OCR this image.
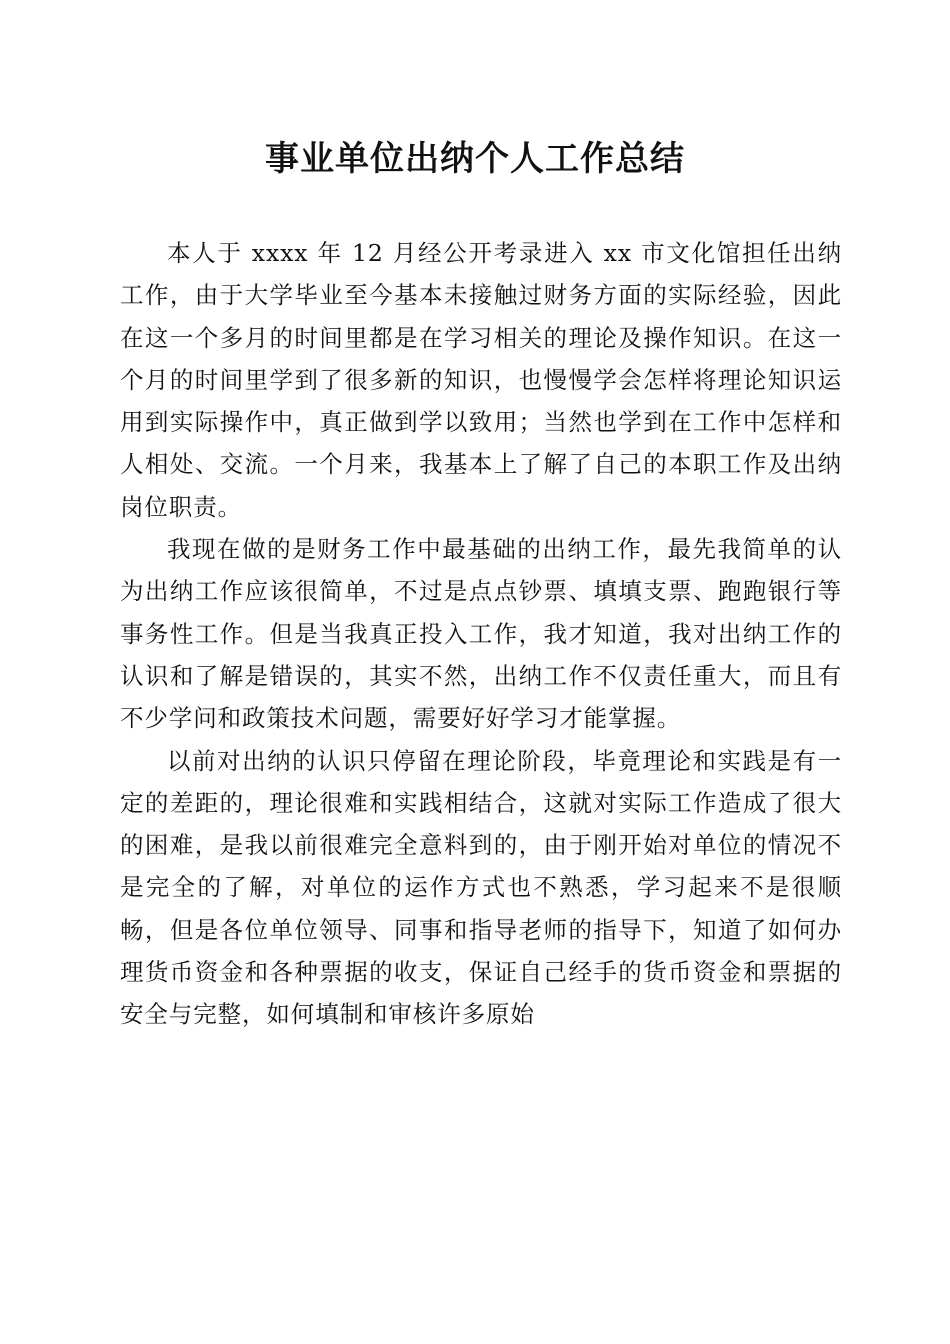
事业单位出纳个人工作总结

本人于 xxxx 年 12 月经公开考录进入 xx 市文化馆担任出纳工作，由于大学毕业至今基本未接触过财务方面的实际经验，因此在这一个多月的时间里都是在学习相关的理论及操作知识。在这一个月的时间里学到了很多新的知识，也慢慢学会怎样将理论知识运用到实际操作中，真正做到学以致用；当然也学到在工作中怎样和人相处、交流。一个月来，我基本上了解了自己的本职工作及出纳岗位职责。

我现在做的是财务工作中最基础的出纳工作，最先我简单的认为出纳工作应该很简单，不过是点点钞票、填填支票、跑跑银行等事务性工作。但是当我真正投入工作，我才知道，我对出纳工作的认识和了解是错误的，其实不然，出纳工作不仅责任重大，而且有不少学问和政策技术问题，需要好好学习才能掌握。

以前对出纳的认识只停留在理论阶段，毕竟理论和实践是有一定的差距的，理论很难和实践相结合，这就对实际工作造成了很大的困难，是我以前很难完全意料到的，由于刚开始对单位的情况不是完全的了解，对单位的运作方式也不熟悉，学习起来不是很顺畅，但是各位单位领导、同事和指导老师的指导下，知道了如何办理货币资金和各种票据的收支，保证自己经手的货币资金和票据的安全与完整，如何填制和审核许多原始
